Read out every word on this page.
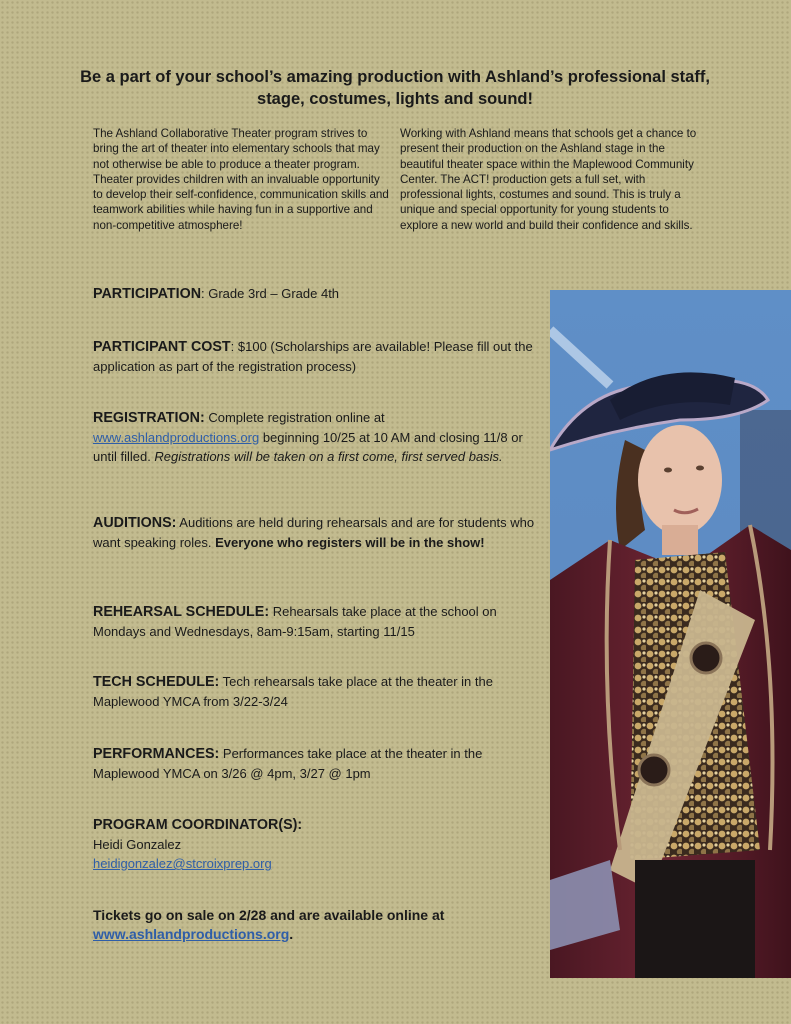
Be a part of your school’s amazing production with Ashland’s professional staff, stage, costumes, lights and sound!

The Ashland Collaborative Theater program strives to bring the art of theater into elementary schools that may not otherwise be able to produce a theater program. Theater provides children with an invaluable opportunity to develop their self-confidence, communication skills and teamwork abilities while having fun in a supportive and non-competitive atmosphere!

Working with Ashland means that schools get a chance to present their production on the Ashland stage in the beautiful theater space within the Maplewood Community Center. The ACT! production gets a full set, with professional lights, costumes and sound. This is truly a unique and special opportunity for young students to explore a new world and build their confidence and skills.

PARTICIPATION: Grade 3rd – Grade 4th

PARTICIPANT COST: $100 (Scholarships are available! Please fill out the application as part of the registration process)

REGISTRATION: Complete registration online at www.ashlandproductions.org beginning 10/25 at 10 AM and closing 11/8 or until filled. Registrations will be taken on a first come, first served basis.

AUDITIONS: Auditions are held during rehearsals and are for students who want speaking roles. Everyone who registers will be in the show!

REHEARSAL SCHEDULE: Rehearsals take place at the school on Mondays and Wednesdays, 8am-9:15am, starting 11/15

TECH SCHEDULE: Tech rehearsals take place at the theater in the Maplewood YMCA from 3/22-3/24

PERFORMANCES: Performances take place at the theater in the Maplewood YMCA on 3/26 @ 4pm, 3/27 @ 1pm

PROGRAM COORDINATOR(S):
Heidi Gonzalez
heidigonzalez@stcroixprep.org

Tickets go on sale on 2/28 and are available online at www.ashlandproductions.org.
